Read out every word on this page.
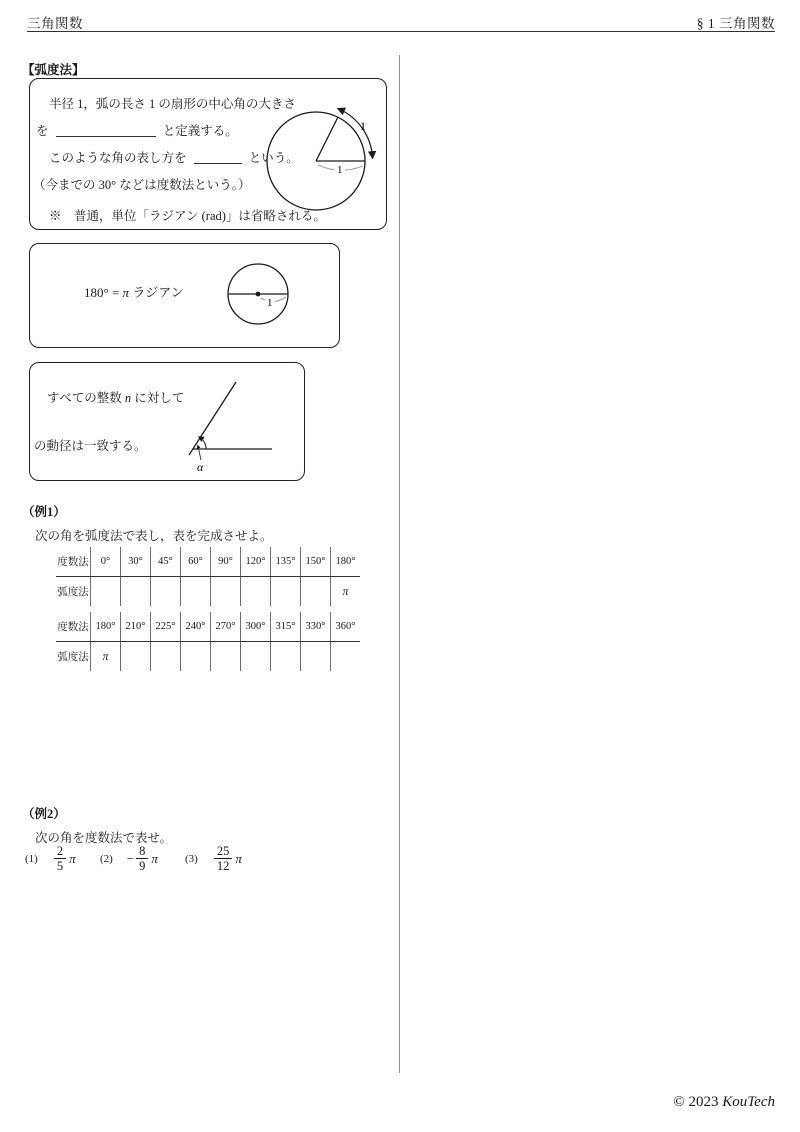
三角関数	§ 1 三角関数
【弧度法】
半径 1，弧の長さ 1 の扇形の中心角の大きさ
を	と定義する。
このような角の表し方を	という。
（今までの 30° などは度数法という。）
※　普通，単位「ラジアン (rad)」は省略される。
1
1
180° = π ラジアン
1
すべての整数 n に対して
の動径は一致する。
α
（例1）
次の角を弧度法で表し，表を完成させよ。
度数法	0°	30°	45°	60°	90°	120°	135°	150°	180°
弧度法									π
度数法	180°	210°	225°	240°	270°	300°	315°	330°	360°
弧度法	π								
（例2）
次の角を度数法で表せ。
$(1) \frac{2}{5}$ π $(2) - \frac{8}{9}$ π $(3) \frac{25}{12}$ π
© 2023 KouTech
